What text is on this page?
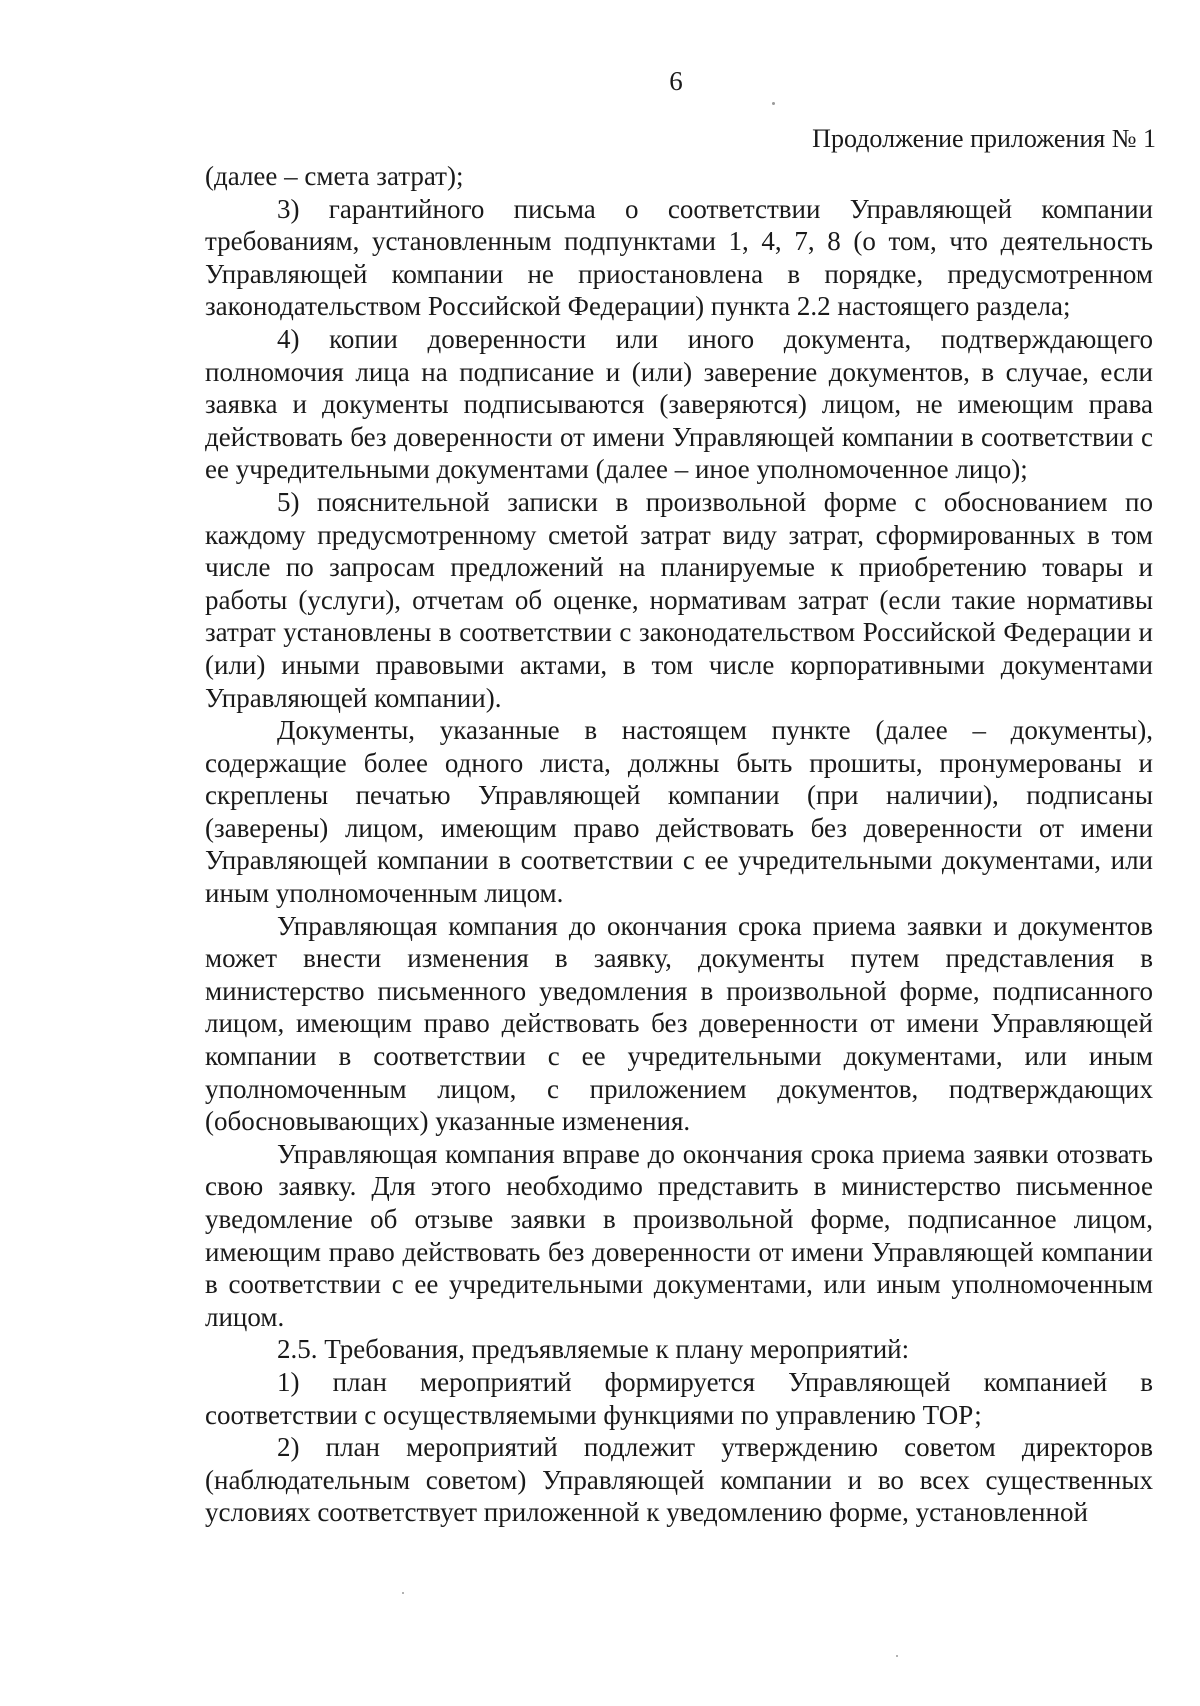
6
Продолжение приложения № 1

(далее – смета затрат);

3) гарантийного письма о соответствии Управляющей компании требованиям, установленным подпунктами 1, 4, 7, 8 (о том, что деятельность Управляющей компании не приостановлена в порядке, предусмотренном законодательством Российской Федерации) пункта 2.2 настоящего раздела;

4) копии доверенности или иного документа, подтверждающего полномочия лица на подписание и (или) заверение документов, в случае, если заявка и документы подписываются (заверяются) лицом, не имеющим права действовать без доверенности от имени Управляющей компании в соответствии с ее учредительными документами (далее – иное уполномоченное лицо);

5) пояснительной записки в произвольной форме с обоснованием по каждому предусмотренному сметой затрат виду затрат, сформированных в том числе по запросам предложений на планируемые к приобретению товары и работы (услуги), отчетам об оценке, нормативам затрат (если такие нормативы затрат установлены в соответствии с законодательством Российской Федерации и (или) иными правовыми актами, в том числе корпоративными документами Управляющей компании).

Документы, указанные в настоящем пункте (далее – документы), содержащие более одного листа, должны быть прошиты, пронумерованы и скреплены печатью Управляющей компании (при наличии), подписаны (заверены) лицом, имеющим право действовать без доверенности от имени Управляющей компании в соответствии с ее учредительными документами, или иным уполномоченным лицом.

Управляющая компания до окончания срока приема заявки и документов может внести изменения в заявку, документы путем представления в министерство письменного уведомления в произвольной форме, подписанного лицом, имеющим право действовать без доверенности от имени Управляющей компании в соответствии с ее учредительными документами, или иным уполномоченным лицом, с приложением документов, подтверждающих (обосновывающих) указанные изменения.

Управляющая компания вправе до окончания срока приема заявки отозвать свою заявку. Для этого необходимо представить в министерство письменное уведомление об отзыве заявки в произвольной форме, подписанное лицом, имеющим право действовать без доверенности от имени Управляющей компании в соответствии с ее учредительными документами, или иным уполномоченным лицом.

2.5. Требования, предъявляемые к плану мероприятий:

1) план мероприятий формируется Управляющей компанией в соответствии с осуществляемыми функциями по управлению ТОР;

2) план мероприятий подлежит утверждению советом директоров (наблюдательным советом) Управляющей компании и во всех существенных условиях соответствует приложенной к уведомлению форме, установленной
